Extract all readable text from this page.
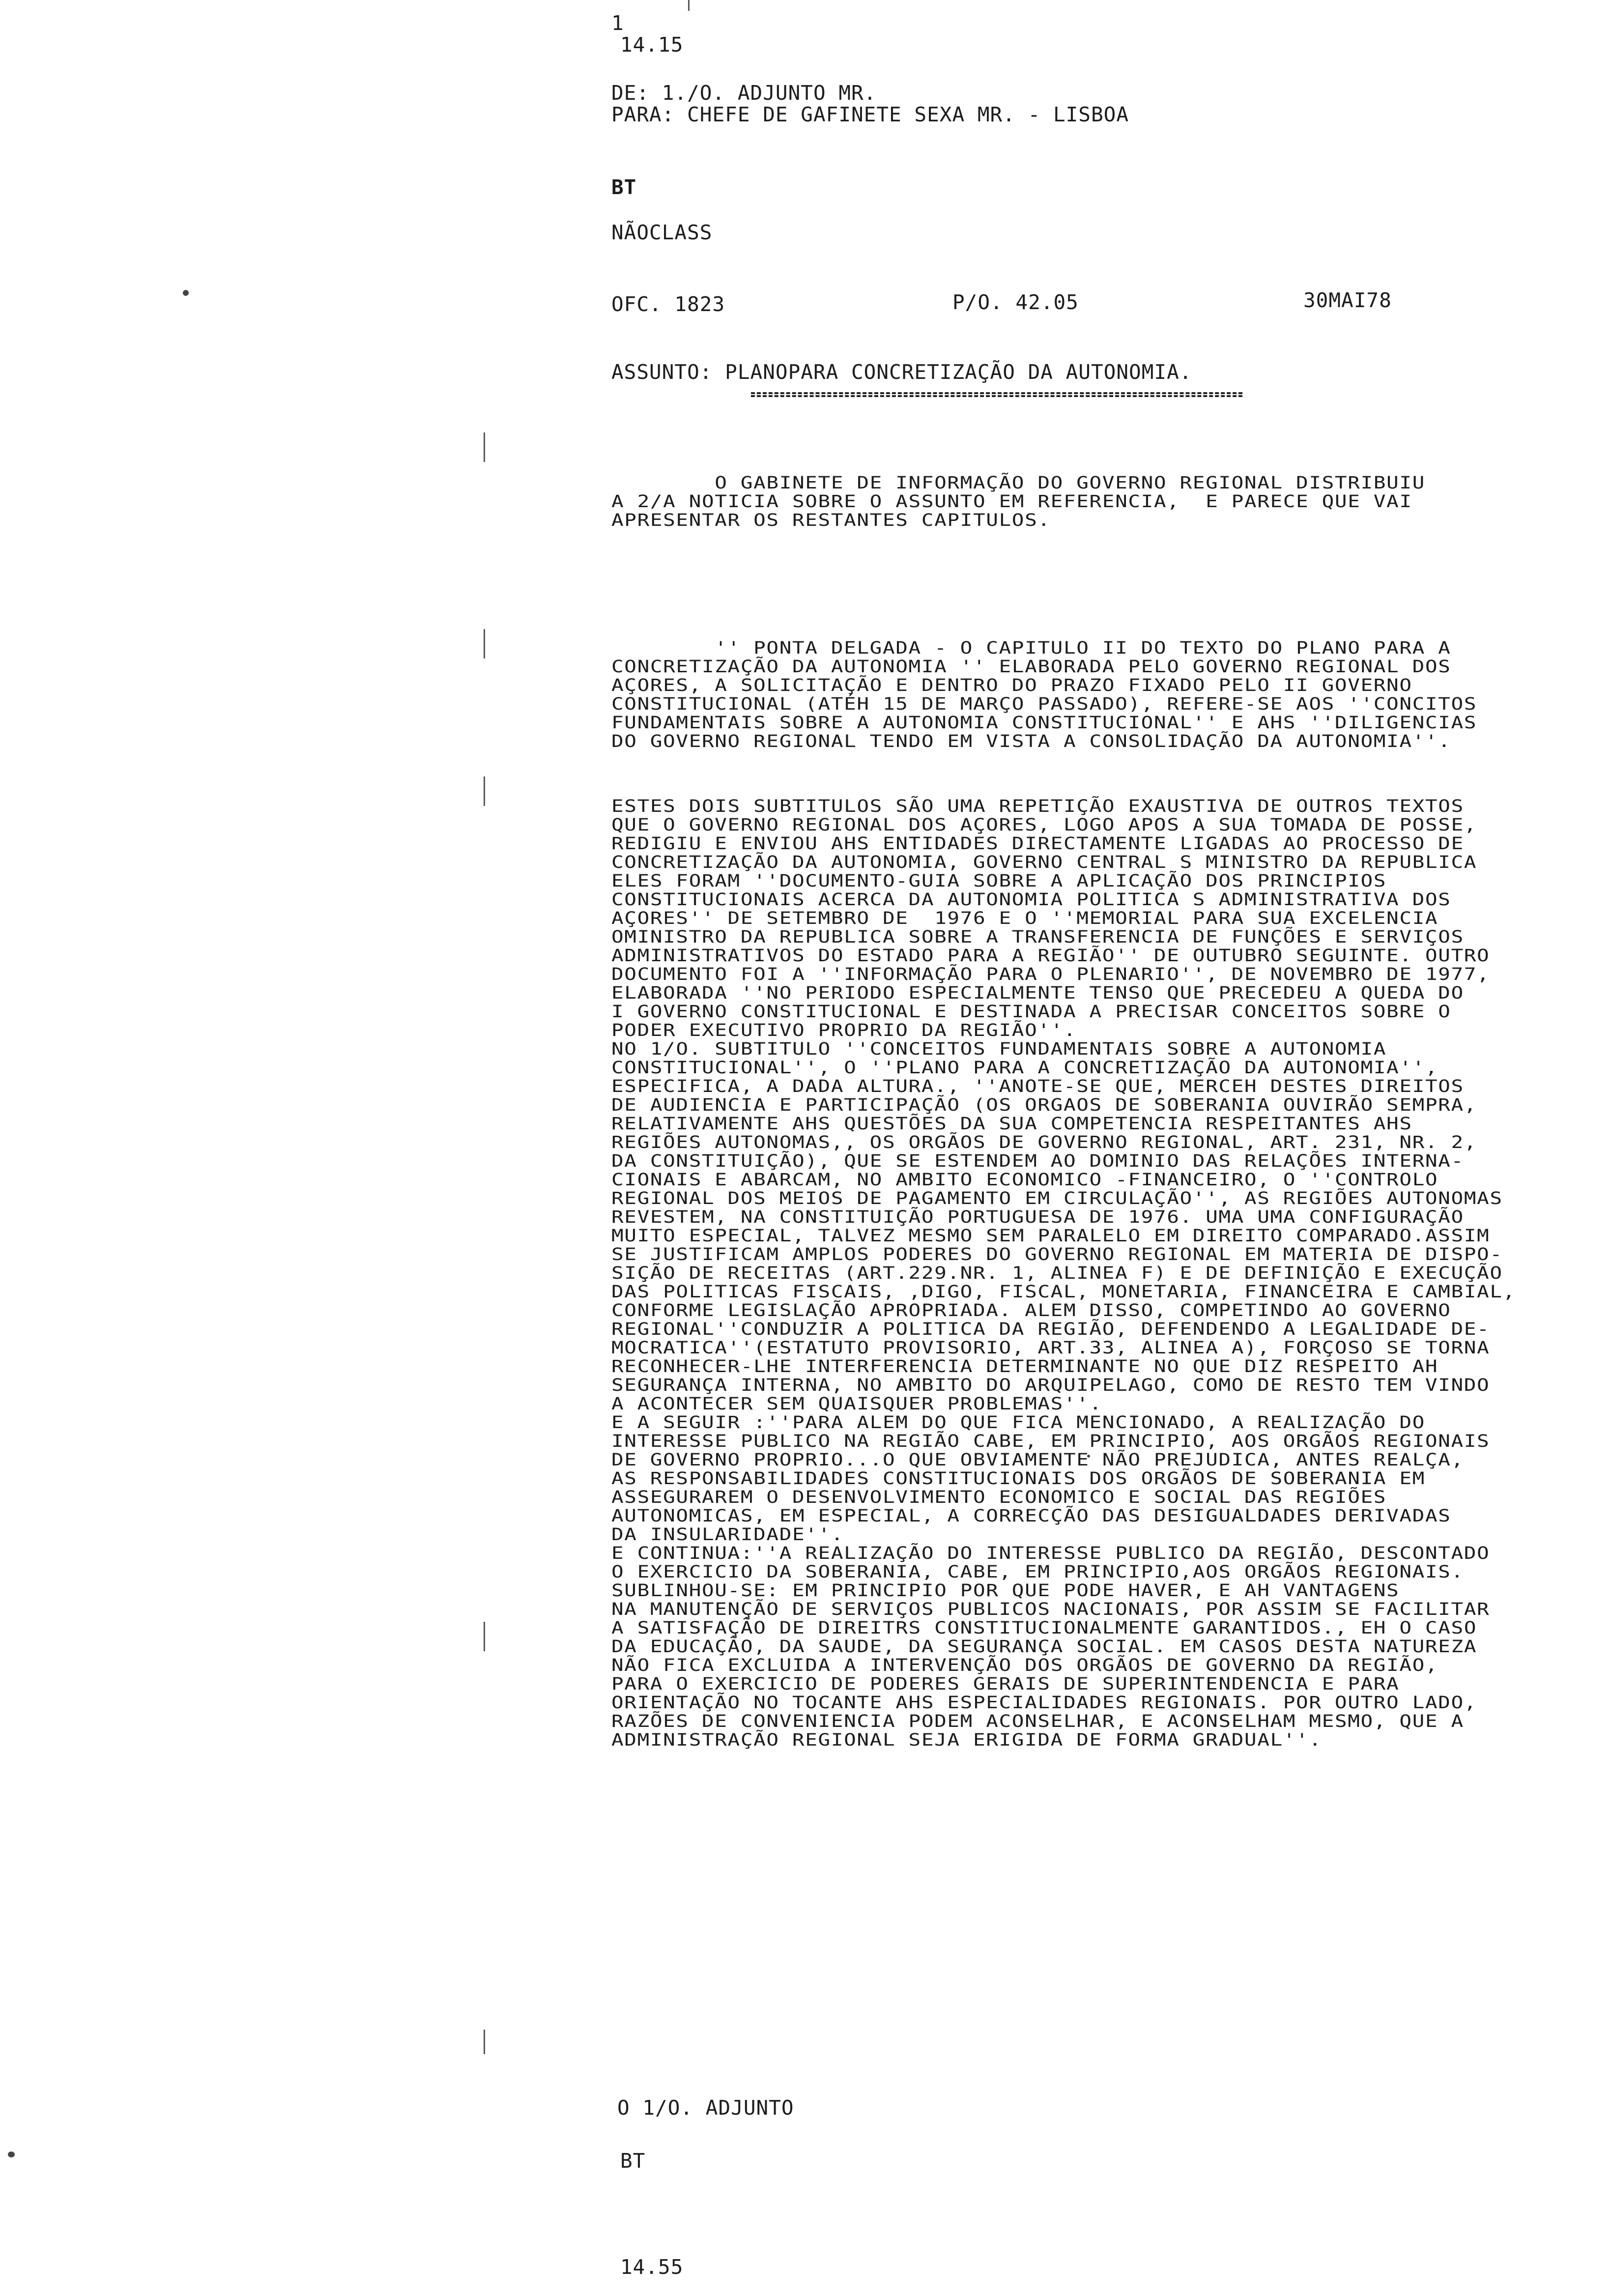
1
14.15
DE: 1./O. ADJUNTO MR.
PARA: CHEFE DE GAFINETE SEXA MR. - LISBOA
BT
NÃOCLASS
OFC. 1823	P/O. 42.05	30MAI78
ASSUNTO: PLANOPARA CONCRETIZAÇÃO DA AUTONOMIA.
O GABINETE DE INFORMAÇÃO DO GOVERNO REGIONAL DISTRIBUIU
A 2/A NOTICIA SOBRE O ASSUNTO EM REFERENCIA,  E PARECE QUE VAI
APRESENTAR OS RESTANTES CAPITULOS.
'' PONTA DELGADA - O CAPITULO II DO TEXTO DO PLANO PARA A
CONCRETIZAÇÃO DA AUTONOMIA '' ELABORADA PELO GOVERNO REGIONAL DOS
AÇORES, A SOLICITAÇÃO E DENTRO DO PRAZO FIXADO PELO II GOVERNO
CONSTITUCIONAL (ATÉH 15 DE MARÇO PASSADO), REFERE-SE AOS ''CONCITOS
FUNDAMENTAIS SOBRE A AUTONOMIA CONSTITUCIONAL'' E AHS ''DILIGENCIAS
DO GOVERNO REGIONAL TENDO EM VISTA A CONSOLIDAÇÃO DA AUTONOMIA''.
ESTES DOIS SUBTITULOS SÃO UMA REPETIÇÃO EXAUSTIVA DE OUTROS TEXTOS
QUE O GOVERNO REGIONAL DOS AÇORES, LOGO APOS A SUA TOMADA DE POSSE,
REDIGIU E ENVIOU AHS ENTIDADES DIRECTAMENTE LIGADAS AO PROCESSO DE
CONCRETIZAÇÃO DA AUTONOMIA, GOVERNO CENTRAL S MINISTRO DA REPUBLICA
ELES FORAM ''DOCUMENTO-GUIA SOBRE A APLICAÇÃO DOS PRINCIPIOS
CONSTITUCIONAIS ACERCA DA AUTONOMIA POLITICA S ADMINISTRATIVA DOS
AÇORES'' DE SETEMBRO DE  1976 E O ''MEMORIAL PARA SUA EXCELENCIA
OMINISTRO DA REPUBLICA SOBRE A TRANSFERENCIA DE FUNÇÕES E SERVIÇOS
ADMINISTRATIVOS DO ESTADO PARA A REGIÃO'' DE OUTUBRO SEGUINTE. OUTRO
DOCUMENTO FOI A ''INFORMAÇÃO PARA O PLENARIO'', DE NOVEMBRO DE 1977,
ELABORADA ''NO PERIODO ESPECIALMENTE TENSO QUE PRECEDEU A QUEDA DO
I GOVERNO CONSTITUCIONAL E DESTINADA A PRECISAR CONCEITOS SOBRE O
PODER EXECUTIVO PROPRIO DA REGIÃO''.
NO 1/O. SUBTITULO ''CONCEITOS FUNDAMENTAIS SOBRE A AUTONOMIA
CONSTITUCIONAL'', O ''PLANO PARA A CONCRETIZAÇÃO DA AUTONOMIA'',
ESPECIFICA, A DADA ALTURA., ''ANOTE-SE QUE, MERCEH DESTES DIREITOS
DE AUDIENCIA E PARTICIPAÇÃO (OS ORGAOS DE SOBERANIA OUVIRÃO SEMPRA,
RELATIVAMENTE AHS QUESTÕES DA SUA COMPETENCIA RESPEITANTES AHS
REGIÕES AUTONOMAS,, OS ORGÃOS DE GOVERNO REGIONAL, ART. 231, NR. 2,
DA CONSTITUIÇÃO), QUE SE ESTENDEM AO DOMINIO DAS RELAÇÕES INTERNA-
CIONAIS E ABARCAM, NO AMBITO ECONOMICO -FINANCEIRO, O ''CONTROLO
REGIONAL DOS MEIOS DE PAGAMENTO EM CIRCULAÇÃO'', AS REGIÕES AUTONOMAS
REVESTEM, NA CONSTITUIÇÃO PORTUGUESA DE 1976. UMA UMA CONFIGURAÇÃO
MUITO ESPECIAL, TALVEZ MESMO SEM PARALELO EM DIREITO COMPARADO.ASSIM
SE JUSTIFICAM AMPLOS PODERES DO GOVERNO REGIONAL EM MATERIA DE DISPO-
SIÇÃO DE RECEITAS (ART.229.NR. 1, ALINEA F) E DE DEFINIÇÃO E EXECUÇÃO
DAS POLITICAS FISCAIS, ,DIGO, FISCAL, MONETARIA, FINANCEIRA E CAMBIAL,
CONFORME LEGISLAÇÃO APROPRIADA. ALEM DISSO, COMPETINDO AO GOVERNO
REGIONAL''CONDUZIR A POLITICA DA REGIÃO, DEFENDENDO A LEGALIDADE DE-
MOCRATICA''(ESTATUTO PROVISORIO, ART.33, ALINEA A), FORÇOSO SE TORNA
RECONHECER-LHE INTERFERENCIA DETERMINANTE NO QUE DIZ RESPEITO AH
SEGURANÇA INTERNA, NO AMBITO DO ARQUIPELAGO, COMO DE RESTO TEM VINDO
A ACONTECER SEM QUAISQUER PROBLEMAS''.
E A SEGUIR :''PARA ALEM DO QUE FICA MENCIONADO, A REALIZAÇÃO DO
INTERESSE PUBLICO NA REGIÃO CABE, EM PRINCIPIO, AOS ORGÃOS REGIONAIS
DE GOVERNO PROPRIO...O QUE OBVIAMENTE NÃO PREJUDICA, ANTES REALÇA,
AS RESPONSABILIDADES CONSTITUCIONAIS DOS ORGÃOS DE SOBERANIA EM
ASSEGURAREM O DESENVOLVIMENTO ECONOMICO E SOCIAL DAS REGIÕES
AUTONOMICAS, EM ESPECIAL, A CORRECÇÃO DAS DESIGUALDADES DERIVADAS
DA INSULARIDADE''.
E CONTINUA:''A REALIZAÇÃO DO INTERESSE PUBLICO DA REGIÃO, DESCONTADO
O EXERCICIO DA SOBERANIA, CABE, EM PRINCIPIO,AOS ORGÃOS REGIONAIS.
SUBLINHOU-SE: EM PRINCIPIO POR QUE PODE HAVER, E AH VANTAGENS
NA MANUTENÇÃO DE SERVIÇOS PUBLICOS NACIONAIS, POR ASSIM SE FACILITAR
A SATISFAÇÃO DE DIREITRS CONSTITUCIONALMENTE GARANTIDOS., EH O CASO
DA EDUCAÇÃO, DA SAUDE, DA SEGURANÇA SOCIAL. EM CASOS DESTA NATUREZA
NÃO FICA EXCLUIDA A INTERVENÇÃO DOS ORGÃOS DE GOVERNO DA REGIÃO,
PARA O EXERCICIO DE PODERES GERAIS DE SUPERINTENDENCIA E PARA
ORIENTAÇÃO NO TOCANTE AHS ESPECIALIDADES REGIONAIS. POR OUTRO LADO,
RAZÕES DE CONVENIENCIA PODEM ACONSELHAR, E ACONSELHAM MESMO, QUE A
ADMINISTRAÇÃO REGIONAL SEJA ERIGIDA DE FORMA GRADUAL''.
O 1/O. ADJUNTO
BT
14.55
